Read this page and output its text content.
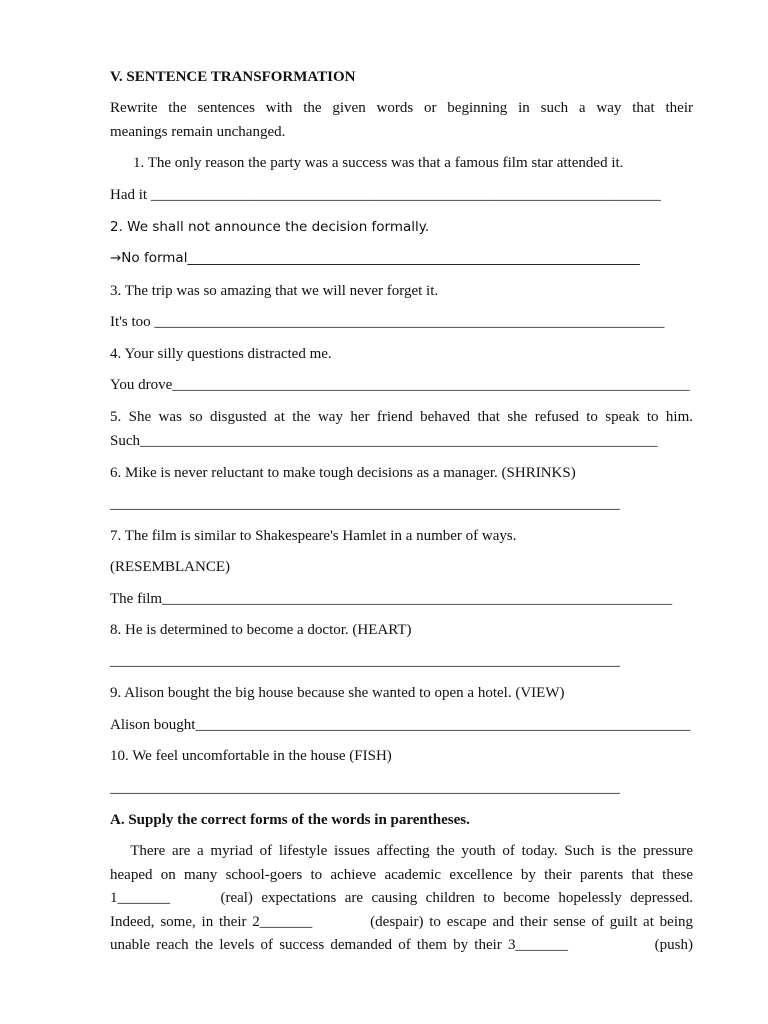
V. SENTENCE TRANSFORMATION
Rewrite the sentences with the given words or beginning in such a way that their
meanings remain unchanged.
1. The only reason the party was a success was that a famous film star attended it.
Had it ____________________________________________________________________
2. We shall not announce the decision formally.
→No formal___________________________________________________________________
3. The trip was so amazing that we will never forget it.
It's too ____________________________________________________________________
4. Your silly questions distracted me.
You drove_____________________________________________________________________
5. She was so disgusted at the way her friend behaved that she refused to speak to him.
Such_____________________________________________________________________
6. Mike is never reluctant to make tough decisions as a manager. (SHRINKS)
____________________________________________________________________
7. The film is similar to Shakespeare's Hamlet in a number of ways.
(RESEMBLANCE)
The film____________________________________________________________________
8. He is determined to become a doctor. (HEART)
____________________________________________________________________
9. Alison bought the big house because she wanted to open a hotel. (VIEW)
Alison bought__________________________________________________________________
10. We feel uncomfortable in the house (FISH)
____________________________________________________________________
A. Supply the correct forms of the words in parentheses.
There are a myriad of lifestyle issues affecting the youth of today. Such is the pressure
heaped on many school-goers to achieve academic excellence by their parents that these
1_______      (real) expectations are causing children to become hopelessly depressed.
Indeed, some, in their 2_______          (despair) to escape and their sense of guilt at being
unable reach the levels of success demanded of them by their 3_______              (push)
